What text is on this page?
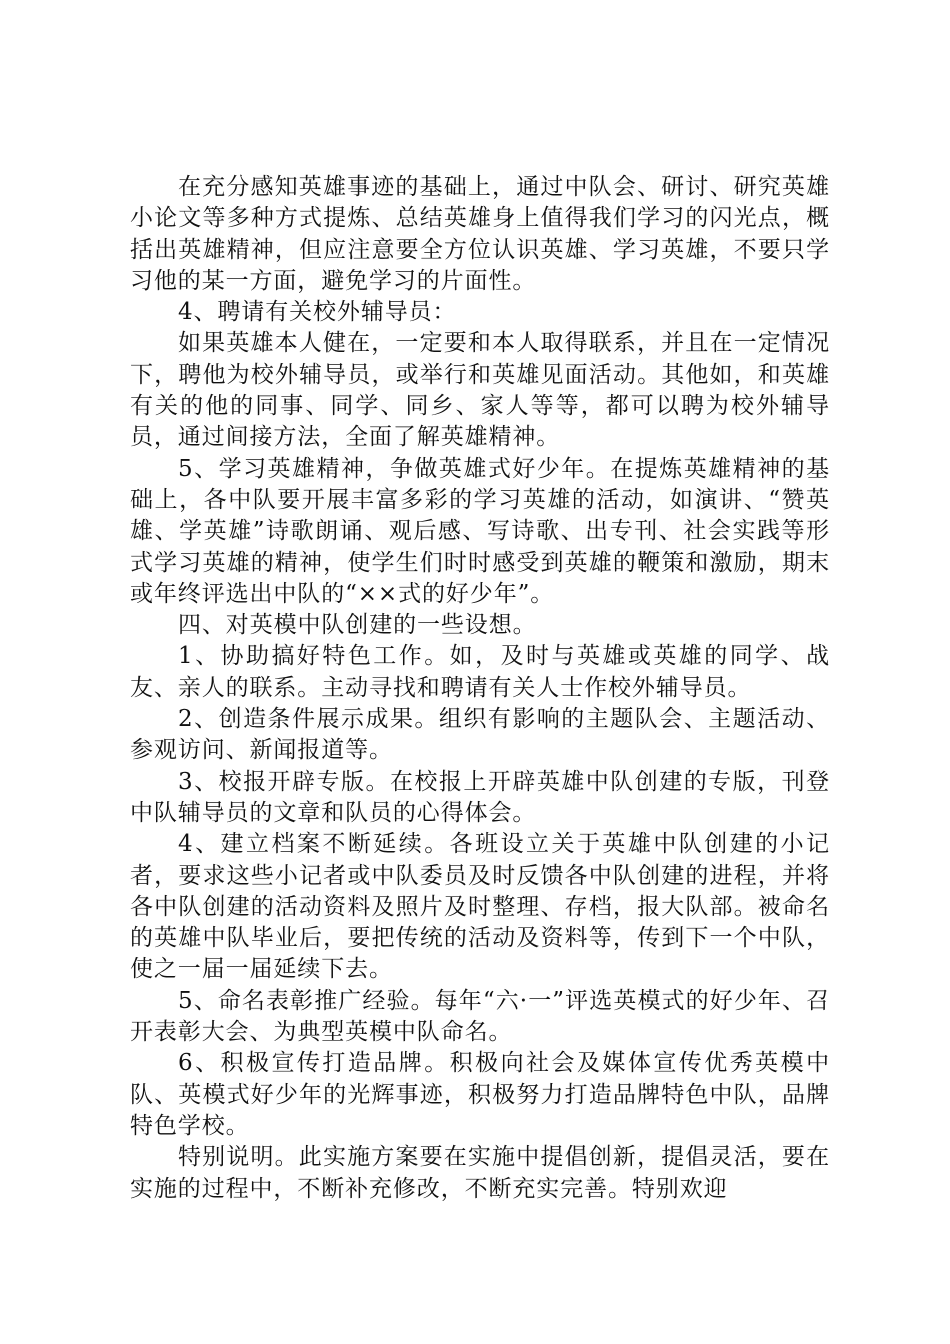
在充分感知英雄事迹的基础上，通过中队会、研讨、研究英雄小论文等多种方式提炼、总结英雄身上值得我们学习的闪光点，概括出英雄精神，但应注意要全方位认识英雄、学习英雄，不要只学习他的某一方面，避免学习的片面性。

4、聘请有关校外辅导员：

如果英雄本人健在，一定要和本人取得联系，并且在一定情况下，聘他为校外辅导员，或举行和英雄见面活动。其他如，和英雄有关的他的同事、同学、同乡、家人等等，都可以聘为校外辅导员，通过间接方法，全面了解英雄精神。

5、学习英雄精神，争做英雄式好少年。在提炼英雄精神的基础上，各中队要开展丰富多彩的学习英雄的活动，如演讲、“赞英雄、学英雄”诗歌朗诵、观后感、写诗歌、出专刊、社会实践等形式学习英雄的精神，使学生们时时感受到英雄的鞭策和激励，期末或年终评选出中队的“××式的好少年”。

四、对英模中队创建的一些设想。

1、协助搞好特色工作。如，及时与英雄或英雄的同学、战友、亲人的联系。主动寻找和聘请有关人士作校外辅导员。

2、创造条件展示成果。组织有影响的主题队会、主题活动、参观访问、新闻报道等。

3、校报开辟专版。在校报上开辟英雄中队创建的专版，刊登中队辅导员的文章和队员的心得体会。

4、建立档案不断延续。各班设立关于英雄中队创建的小记者，要求这些小记者或中队委员及时反馈各中队创建的进程，并将各中队创建的活动资料及照片及时整理、存档，报大队部。被命名的英雄中队毕业后，要把传统的活动及资料等，传到下一个中队，使之一届一届延续下去。

5、命名表彰推广经验。每年“六·一”评选英模式的好少年、召开表彰大会、为典型英模中队命名。

6、积极宣传打造品牌。积极向社会及媒体宣传优秀英模中队、英模式好少年的光辉事迹，积极努力打造品牌特色中队，品牌特色学校。

特别说明。此实施方案要在实施中提倡创新，提倡灵活，要在实施的过程中，不断补充修改，不断充实完善。特别欢迎
